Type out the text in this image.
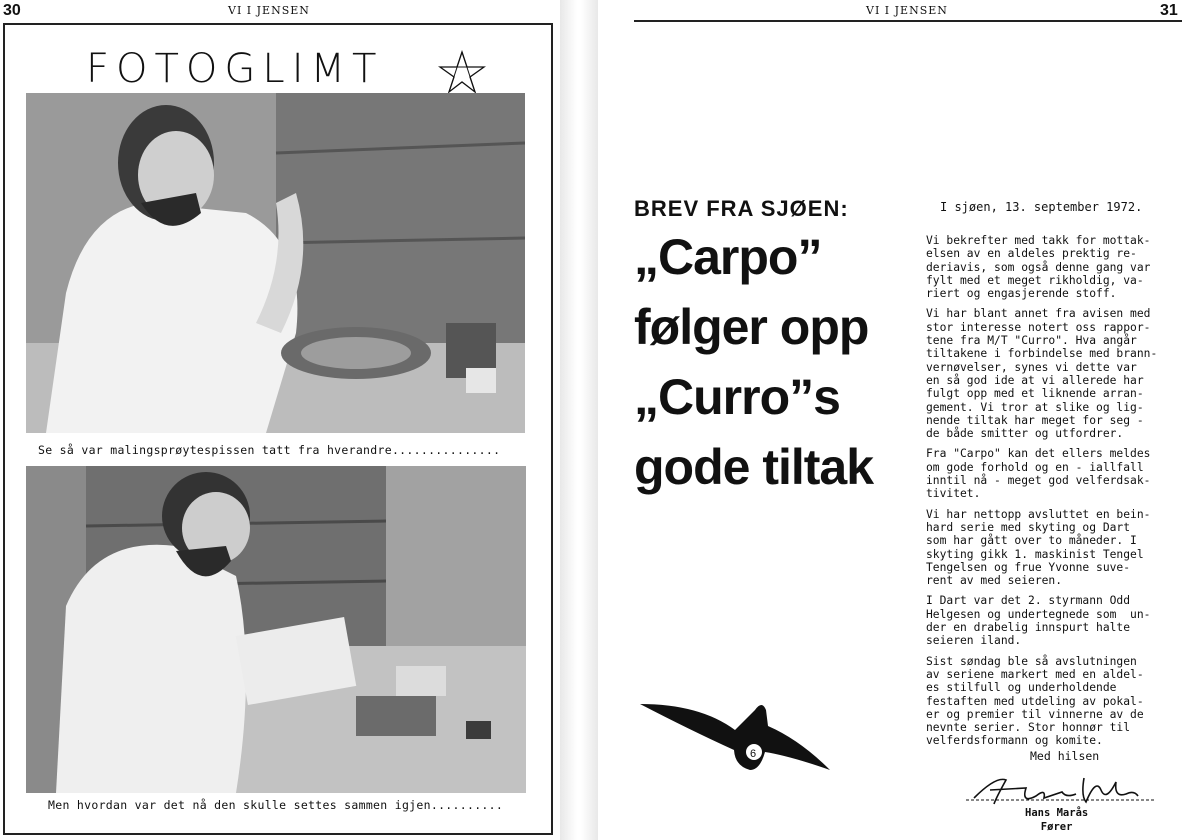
30	VI I JENSEN
FOTOGLIMT
Se så var malingsprøytespissen tatt fra hverandre...............
Men hvordan var det nå den skulle settes sammen igjen..........
VI I JENSEN	31
BREV FRA SJØEN:
„Carpo”
følger opp
„Curro”s
gode tiltak
I sjøen, 13. september 1972.

Vi bekrefter med takk for mottak-
elsen av en aldeles prektig re-
deriavis, som også denne gang var
fylt med et meget rikholdig, va-
riert og engasjerende stoff.

Vi har blant annet fra avisen med
stor interesse notert oss rappor-
tene fra M/T "Curro". Hva angår
tiltakene i forbindelse med brann-
vernøvelser, synes vi dette var
en så god ide at vi allerede har
fulgt opp med et liknende arran-
gement. Vi tror at slike og lig-
nende tiltak har meget for seg -
de både smitter og utfordrer.

Fra "Carpo" kan det ellers meldes
om gode forhold og en - iallfall
inntil nå - meget god velferdsak-
tivitet.

Vi har nettopp avsluttet en bein-
hard serie med skyting og Dart
som har gått over to måneder. I
skyting gikk 1. maskinist Tengel
Tengelsen og frue Yvonne suve-
rent av med seieren.

I Dart var det 2. styrmann Odd
Helgesen og undertegnede som  un-
der en drabelig innspurt halte
seieren iland.

Sist søndag ble så avslutningen
av seriene markert med en aldel-
es stilfull og underholdende
festaften med utdeling av pokal-
er og premier til vinnerne av de
nevnte serier. Stor honnør til
velferdsformann og komite.

Med hilsen
Hans Marås
Fører
6
